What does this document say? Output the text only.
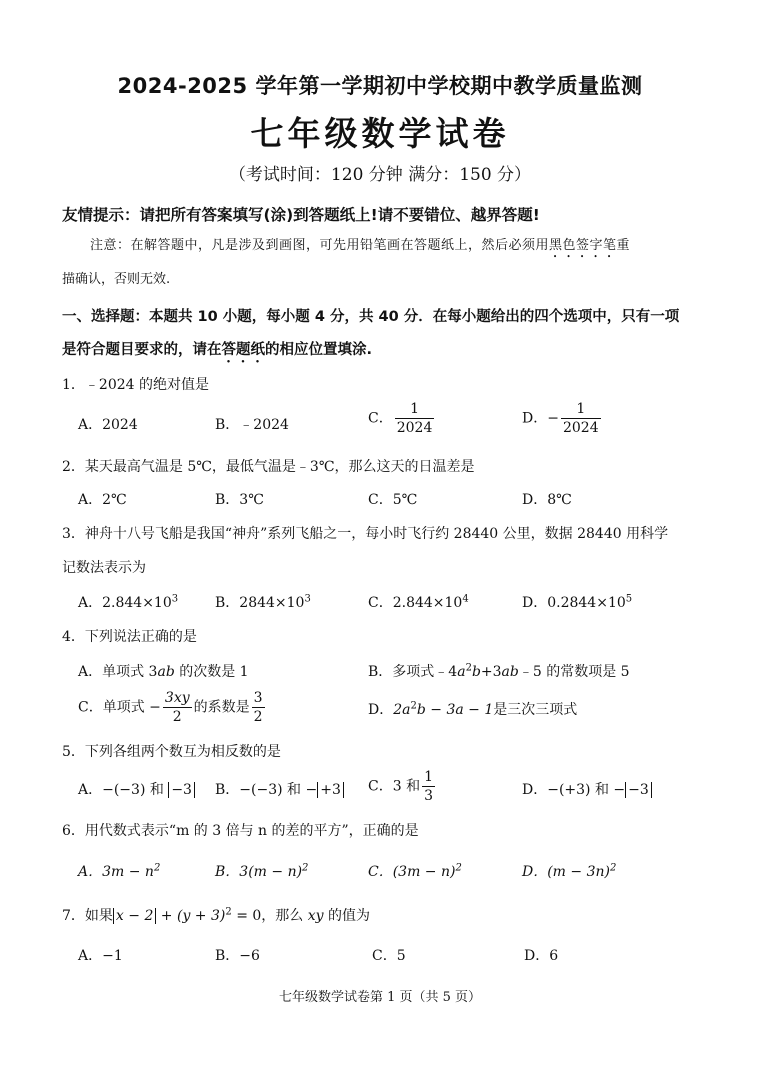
2024-2025 学年第一学期初中学校期中教学质量监测
七年级数学试卷
（考试时间：120 分钟 满分：150 分）
友情提示：请把所有答案填写(涂)到答题纸上!请不要错位、越界答题!
注意：在解答题中，凡是涉及到画图，可先用铅笔画在答题纸上，然后必须用黑色签字笔重
描确认，否则无效.
一、选择题：本题共 10 小题，每小题 4 分，共 40 分．在每小题给出的四个选项中，只有一项
是符合题目要求的，请在答题纸的相应位置填涂.
1．﹣2024 的绝对值是
A．2024	B．﹣2024	C． $\frac{1}{2024}$	D．− $\frac{1}{2024}$
2．某天最高气温是 5℃，最低气温是﹣3℃，那么这天的日温差是
A．2℃	B．3℃	C．5℃	D．8℃
3．神舟十八号飞船是我国“神舟”系列飞船之一，每小时飞行约 28440 公里，数据 28440 用科学
记数法表示为
A．$2.844\times 10^3$	B．$2844\times 10^3$	C．$2.844\times 10^4$	D．$0.2844\times 10^5$
4．下列说法正确的是
A．单项式 3ab 的次数是 1	B．多项式$﹣4a^2b+3ab﹣5$ 的常数项是 5
C．单项式 − $\frac{3xy}{2}$ 的系数是 $\frac{3}{2}$	D．$2a^2b - 3a - 1$是三次三项式
5．下列各组两个数互为相反数的是
A．−(−3) 和 −3 B．−(−3) 和 − +3 C．3 和 $\frac{1}{3}$	D．−(+3) 和 − −3
6．用代数式表示“m 的 3 倍与 n 的差的平方”，正确的是
A．$3m - n^2$	B．$3(m - n)^2$	C．$(3m - n)^2$	D．$(m - 3n)^2$
7．如果 $x - 2 + (y + 3)^2 = 0$，那么 xy 的值为
A．−1	B．−6	C．5	D．6
七年级数学试卷第 1 页（共 5 页）
